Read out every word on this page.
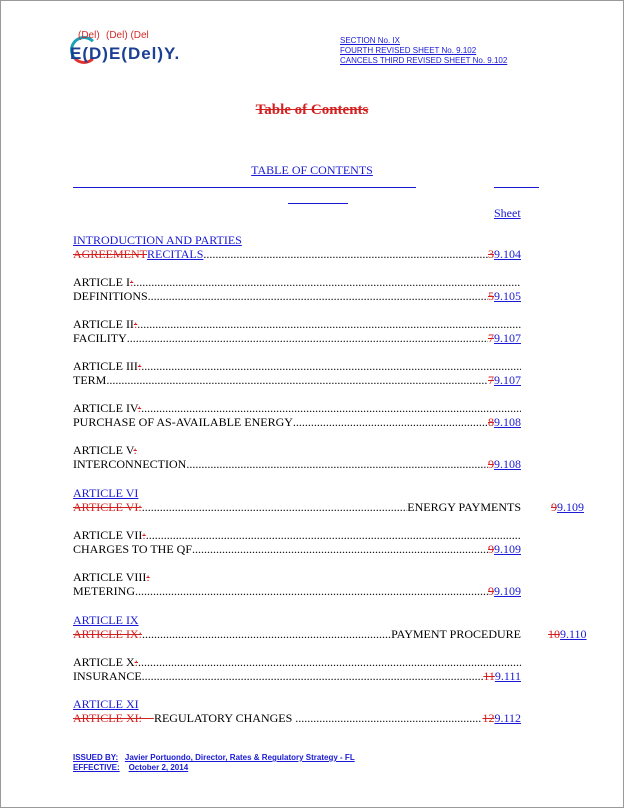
(Del) (Del) (Del
E(D)E(Del)Y.
SECTION No. IX
FOURTH REVISED SHEET No. 9.102
CANCELS THIRD REVISED SHEET No. 9.102
Table of Contents
TABLE OF CONTENTS
Sheet
INTRODUCTION AND PARTIES
AGREEMENTRECITALS .....	39.104
ARTICLE I:
.....
DEFINITIONS .....	59.105
ARTICLE II:
.....
FACILITY .....	79.107
ARTICLE III:
.....
TERM .....	79.107
ARTICLE IV:
.....
PURCHASE OF AS-AVAILABLE ENERGY .....	89.108
ARTICLE V:
INTERCONNECTION .....	99.108
ARTICLE VI
ARTICLE VI: .....	ENERGY PAYMENTS	99.109
ARTICLE VII:
.....
CHARGES TO THE QF .....	99.109
ARTICLE VIII:
METERING .....	99.109
ARTICLE IX
ARTICLE IX: .....	PAYMENT PROCEDURE 109.110
ARTICLE X:
.....
INSURANCE .....	119.111
ARTICLE XI
ARTICLE XI: REGULATORY CHANGES .....	129.112
ISSUED BY: Javier Portuondo, Director, Rates & Regulatory Strategy - FL
EFFECTIVE: October 2, 2014
